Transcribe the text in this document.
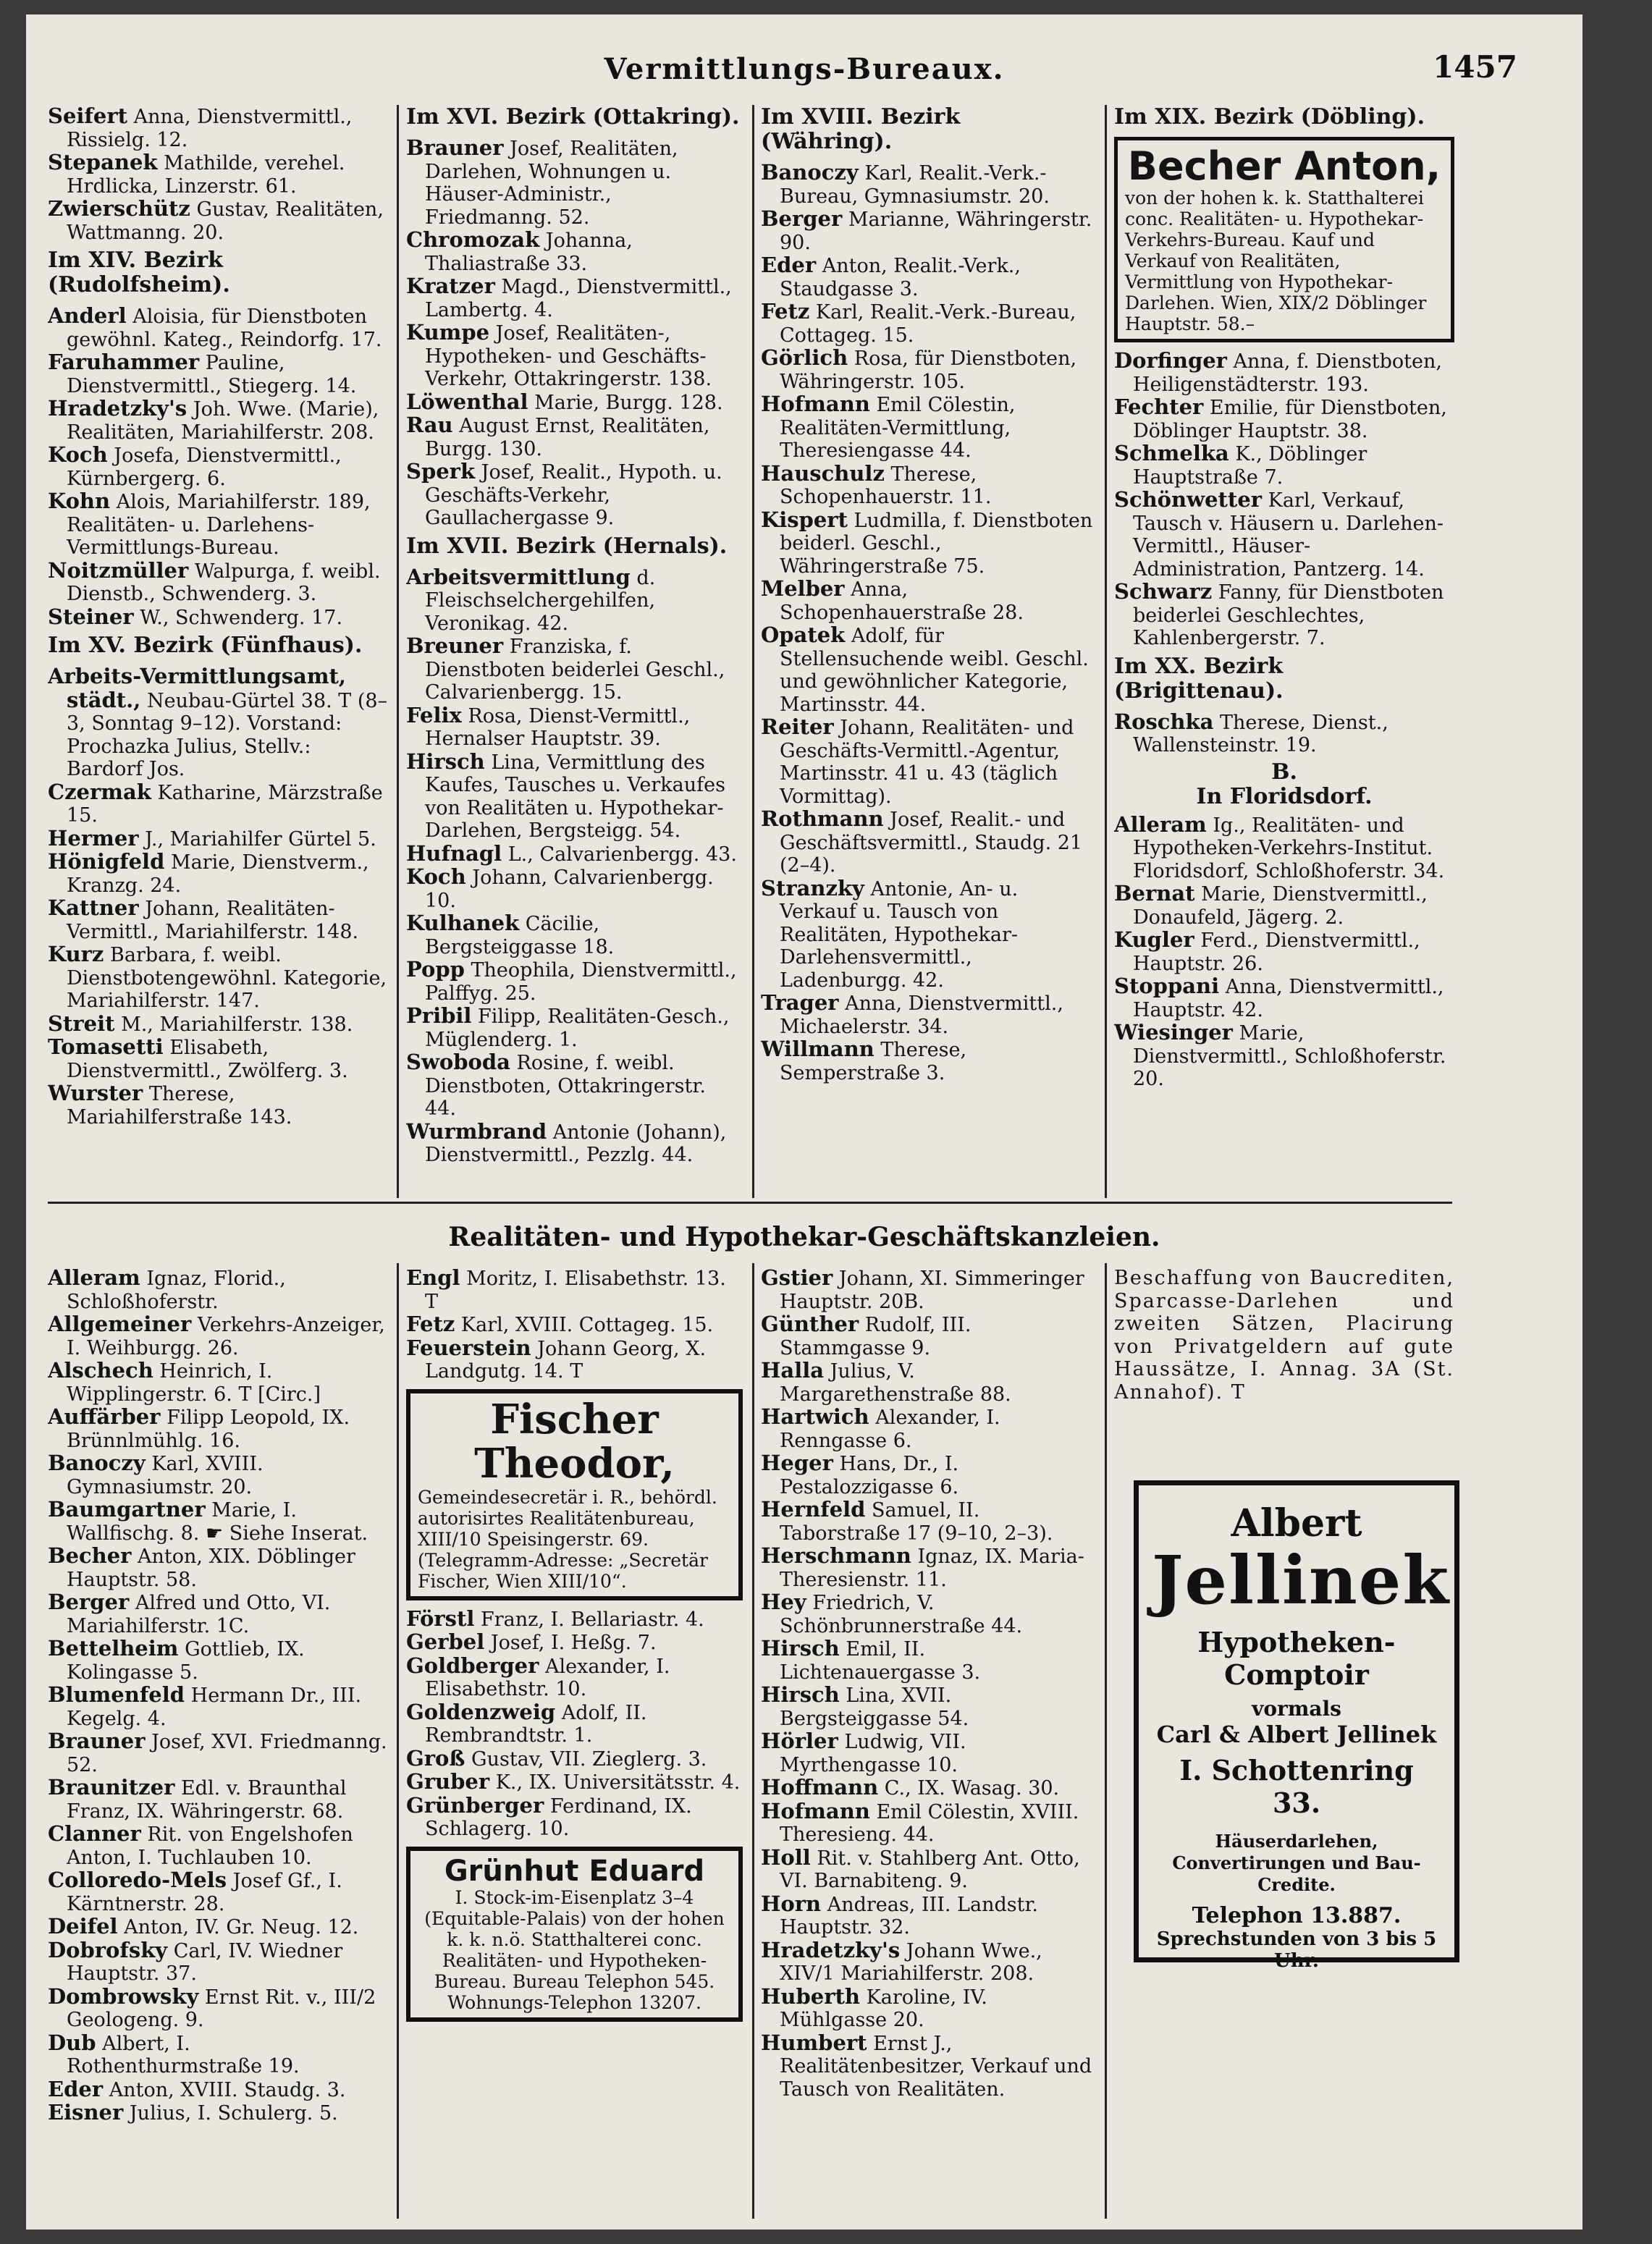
Vermittlungs-Bureaux.	1457

Seifert Anna, Dienstvermittl., Rissielg. 12.

Stepanek Mathilde, verehel. Hrdlicka, Linzerstr. 61.

Zwierschütz Gustav, Realitäten, Wattmanng. 20.

Im XIV. Bezirk (Rudolfsheim).

Anderl Aloisia, für Dienstboten gewöhnl. Kateg., Reindorfg. 17.

Faruhammer Pauline, Dienstvermittl., Stiegerg. 14.

Hradetzky's Joh. Wwe. (Marie), Realitäten, Mariahilferstr. 208.

Koch Josefa, Dienstvermittl., Kürnbergerg. 6.

Kohn Alois, Mariahilferstr. 189, Realitäten- u. Darlehens-Vermittlungs-Bureau.

Noitzmüller Walpurga, f. weibl. Dienstb., Schwenderg. 3.

Steiner W., Schwenderg. 17.

Im XV. Bezirk (Fünfhaus).

Arbeits-Vermittlungsamt, städt., Neubau-Gürtel 38. T (8–3, Sonntag 9–12). Vorstand: Prochazka Julius, Stellv.: Bardorf Jos.

Czermak Katharine, Märzstraße 15.

Hermer J., Mariahilfer Gürtel 5.

Hönigfeld Marie, Dienstverm., Kranzg. 24.

Kattner Johann, Realitäten-Vermittl., Mariahilferstr. 148.

Kurz Barbara, f. weibl. Dienstbotengewöhnl. Kategorie, Mariahilferstr. 147.

Streit M., Mariahilferstr. 138.

Tomasetti Elisabeth, Dienstvermittl., Zwölferg. 3.

Wurster Therese, Mariahilferstraße 143.

Im XVI. Bezirk (Ottakring).

Brauner Josef, Realitäten, Darlehen, Wohnungen u. Häuser-Administr., Friedmanng. 52.

Chromozak Johanna, Thaliastraße 33.

Kratzer Magd., Dienstvermittl., Lambertg. 4.

Kumpe Josef, Realitäten-, Hypotheken- und Geschäfts-Verkehr, Ottakringerstr. 138.

Löwenthal Marie, Burgg. 128.

Rau August Ernst, Realitäten, Burgg. 130.

Sperk Josef, Realit., Hypoth. u. Geschäfts-Verkehr, Gaullachergasse 9.

Im XVII. Bezirk (Hernals).

Arbeitsvermittlung d. Fleischselchergehilfen, Veronikag. 42.

Breuner Franziska, f. Dienstboten beiderlei Geschl., Calvarienbergg. 15.

Felix Rosa, Dienst-Vermittl., Hernalser Hauptstr. 39.

Hirsch Lina, Vermittlung des Kaufes, Tausches u. Verkaufes von Realitäten u. Hypothekar-Darlehen, Bergsteigg. 54.

Hufnagl L., Calvarienbergg. 43.

Koch Johann, Calvarienbergg. 10.

Kulhanek Cäcilie, Bergsteiggasse 18.

Popp Theophila, Dienstvermittl., Palffyg. 25.

Pribil Filipp, Realitäten-Gesch., Müglenderg. 1.

Swoboda Rosine, f. weibl. Dienstboten, Ottakringerstr. 44.

Wurmbrand Antonie (Johann), Dienstvermittl., Pezzlg. 44.

Im XVIII. Bezirk (Währing).

Banoczy Karl, Realit.-Verk.-Bureau, Gymnasiumstr. 20.

Berger Marianne, Währingerstr. 90.

Eder Anton, Realit.-Verk., Staudgasse 3.

Fetz Karl, Realit.-Verk.-Bureau, Cottageg. 15.

Görlich Rosa, für Dienstboten, Währingerstr. 105.

Hofmann Emil Cölestin, Realitäten-Vermittlung, Theresiengasse 44.

Hauschulz Therese, Schopenhauerstr. 11.

Kispert Ludmilla, f. Dienstboten beiderl. Geschl., Währingerstraße 75.

Melber Anna, Schopenhauerstraße 28.

Opatek Adolf, für Stellensuchende weibl. Geschl. und gewöhnlicher Kategorie, Martinsstr. 44.

Reiter Johann, Realitäten- und Geschäfts-Vermittl.-Agentur, Martinsstr. 41 u. 43 (täglich Vormittag).

Rothmann Josef, Realit.- und Geschäftsvermittl., Staudg. 21 (2–4).

Stranzky Antonie, An- u. Verkauf u. Tausch von Realitäten, Hypothekar-Darlehensvermittl., Ladenburgg. 42.

Trager Anna, Dienstvermittl., Michaelerstr. 34.

Willmann Therese, Semperstraße 3.

Im XIX. Bezirk (Döbling).
Becher Anton,
von der hohen k. k. Statthalterei conc. Realitäten- u. Hypothekar-Verkehrs-Bureau. Kauf und Verkauf von Realitäten, Vermittlung von Hypothekar-Darlehen. Wien, XIX/2 Döblinger Hauptstr. 58.–

Dorfinger Anna, f. Dienstboten, Heiligenstädterstr. 193.

Fechter Emilie, für Dienstboten, Döblinger Hauptstr. 38.

Schmelka K., Döblinger Hauptstraße 7.

Schönwetter Karl, Verkauf, Tausch v. Häusern u. Darlehen-Vermittl., Häuser-Administration, Pantzerg. 14.

Schwarz Fanny, für Dienstboten beiderlei Geschlechtes, Kahlenbergerstr. 7.

Im XX. Bezirk (Brigittenau).

Roschka Therese, Dienst., Wallensteinstr. 19.

B.
In Floridsdorf.

Alleram Ig., Realitäten- und Hypotheken-Verkehrs-Institut. Floridsdorf, Schloßhoferstr. 34.

Bernat Marie, Dienstvermittl., Donaufeld, Jägerg. 2.

Kugler Ferd., Dienstvermittl., Hauptstr. 26.

Stoppani Anna, Dienstvermittl., Hauptstr. 42.

Wiesinger Marie, Dienstvermittl., Schloßhoferstr. 20.

Realitäten- und Hypothekar-Geschäftskanzleien.

Alleram Ignaz, Florid., Schloßhoferstr.

Allgemeiner Verkehrs-Anzeiger, I. Weihburgg. 26.

Alschech Heinrich, I. Wipplingerstr. 6. T [Circ.]

Auffärber Filipp Leopold, IX. Brünnlmühlg. 16.

Banoczy Karl, XVIII. Gymnasiumstr. 20.

Baumgartner Marie, I. Wallfischg. 8. ☛ Siehe Inserat.

Becher Anton, XIX. Döblinger Hauptstr. 58.

Berger Alfred und Otto, VI. Mariahilferstr. 1C.

Bettelheim Gottlieb, IX. Kolingasse 5.

Blumenfeld Hermann Dr., III. Kegelg. 4.

Brauner Josef, XVI. Friedmanng. 52.

Braunitzer Edl. v. Braunthal Franz, IX. Währingerstr. 68.

Clanner Rit. von Engelshofen Anton, I. Tuchlauben 10.

Colloredo-Mels Josef Gf., I. Kärntnerstr. 28.

Deifel Anton, IV. Gr. Neug. 12.

Dobrofsky Carl, IV. Wiedner Hauptstr. 37.

Dombrowsky Ernst Rit. v., III/2 Geologeng. 9.

Dub Albert, I. Rothenthurmstraße 19.

Eder Anton, XVIII. Staudg. 3.

Eisner Julius, I. Schulerg. 5.

Engl Moritz, I. Elisabethstr. 13. T

Fetz Karl, XVIII. Cottageg. 15.

Feuerstein Johann Georg, X. Landgutg. 14. T

Fischer Theodor,
Gemeindesecretär i. R., behördl. autorisirtes Realitätenbureau, XIII/10 Speisingerstr. 69. (Telegramm-Adresse: „Secretär Fischer, Wien XIII/10“.

Förstl Franz, I. Bellariastr. 4.

Gerbel Josef, I. Heßg. 7.

Goldberger Alexander, I. Elisabethstr. 10.

Goldenzweig Adolf, II. Rembrandtstr. 1.

Groß Gustav, VII. Zieglerg. 3.

Gruber K., IX. Universitätsstr. 4.

Grünberger Ferdinand, IX. Schlagerg. 10.

Grünhut Eduard
I. Stock-im-Eisenplatz 3–4 (Equitable-Palais) von der hohen k. k. n.ö. Statthalterei conc. Realitäten- und Hypotheken-Bureau. Bureau Telephon 545. Wohnungs-Telephon 13207.

Gstier Johann, XI. Simmeringer Hauptstr. 20B.

Günther Rudolf, III. Stammgasse 9.

Halla Julius, V. Margarethenstraße 88.

Hartwich Alexander, I. Renngasse 6.

Heger Hans, Dr., I. Pestalozzigasse 6.

Hernfeld Samuel, II. Taborstraße 17 (9–10, 2–3).

Herschmann Ignaz, IX. Maria-Theresienstr. 11.

Hey Friedrich, V. Schönbrunnerstraße 44.

Hirsch Emil, II. Lichtenauergasse 3.

Hirsch Lina, XVII. Bergsteiggasse 54.

Hörler Ludwig, VII. Myrthengasse 10.

Hoffmann C., IX. Wasag. 30.

Hofmann Emil Cölestin, XVIII. Theresieng. 44.

Holl Rit. v. Stahlberg Ant. Otto, VI. Barnabiteng. 9.

Horn Andreas, III. Landstr. Hauptstr. 32.

Hradetzky's Johann Wwe., XIV/1 Mariahilferstr. 208.

Huberth Karoline, IV. Mühlgasse 20.

Humbert Ernst J., Realitätenbesitzer, Verkauf und Tausch von Realitäten.

Beschaffung von Baucrediten, Sparcasse-Darlehen und zweiten Sätzen, Placirung von Privatgeldern auf gute Haussätze, I. Annag. 3A (St. Annahof). T

Albert
Jellinek
Hypotheken-
Comptoir
vormals
Carl & Albert Jellinek
I. Schottenring 33.
Häuserdarlehen, Convertirungen und Bau-Credite.
Telephon 13.887.
Sprechstunden von 3 bis 5 Uhr.
